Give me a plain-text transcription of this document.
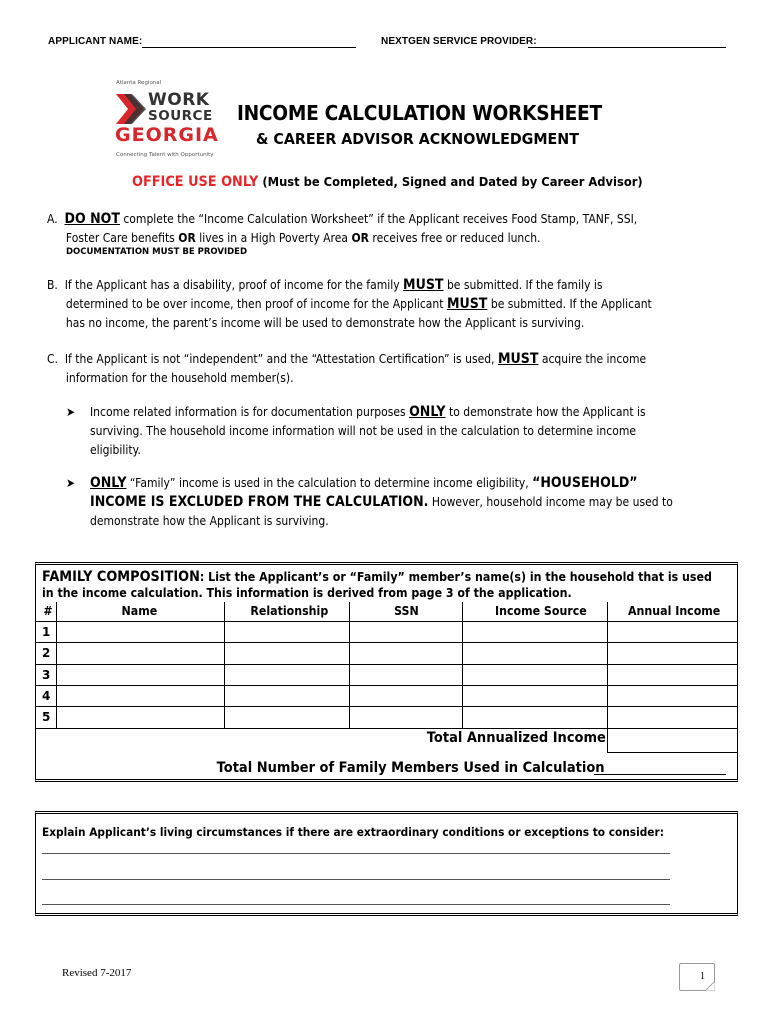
APPLICANT NAME:	NEXTGEN SERVICE PROVIDER:
Atlanta Regional
WORK
SOURCE
GEORGIA
Connecting Talent with Opportunity
INCOME CALCULATION WORKSHEET
& CAREER ADVISOR ACKNOWLEDGMENT
OFFICE USE ONLY (Must be Completed, Signed and Dated by Career Advisor)
A. DO NOT complete the “Income Calculation Worksheet” if the Applicant receives Food Stamp, TANF, SSI,
Foster Care benefits OR lives in a High Poverty Area OR receives free or reduced lunch.
DOCUMENTATION MUST BE PROVIDED
B. If the Applicant has a disability, proof of income for the family MUST be submitted. If the family is
determined to be over income, then proof of income for the Applicant MUST be submitted. If the Applicant
has no income, the parent’s income will be used to demonstrate how the Applicant is surviving.
C. If the Applicant is not “independent” and the “Attestation Certification” is used, MUST acquire the income
information for the household member(s).
➤ Income related information is for documentation purposes ONLY to demonstrate how the Applicant is
surviving. The household income information will not be used in the calculation to determine income
eligibility.
➤ ONLY “Family” income is used in the calculation to determine income eligibility, “HOUSEHOLD”
INCOME IS EXCLUDED FROM THE CALCULATION. However, household income may be used to
demonstrate how the Applicant is surviving.
FAMILY COMPOSITION: List the Applicant’s or “Family” member’s name(s) in the household that is used
in the income calculation. This information is derived from page 3 of the application.
#	Name	Relationship	SSN	Income Source	Annual Income
1
2
3
4
5
Total Annualized Income
Total Number of Family Members Used in Calculation
Explain Applicant’s living circumstances if there are extraordinary conditions or exceptions to consider:
Revised 7-2017	1
